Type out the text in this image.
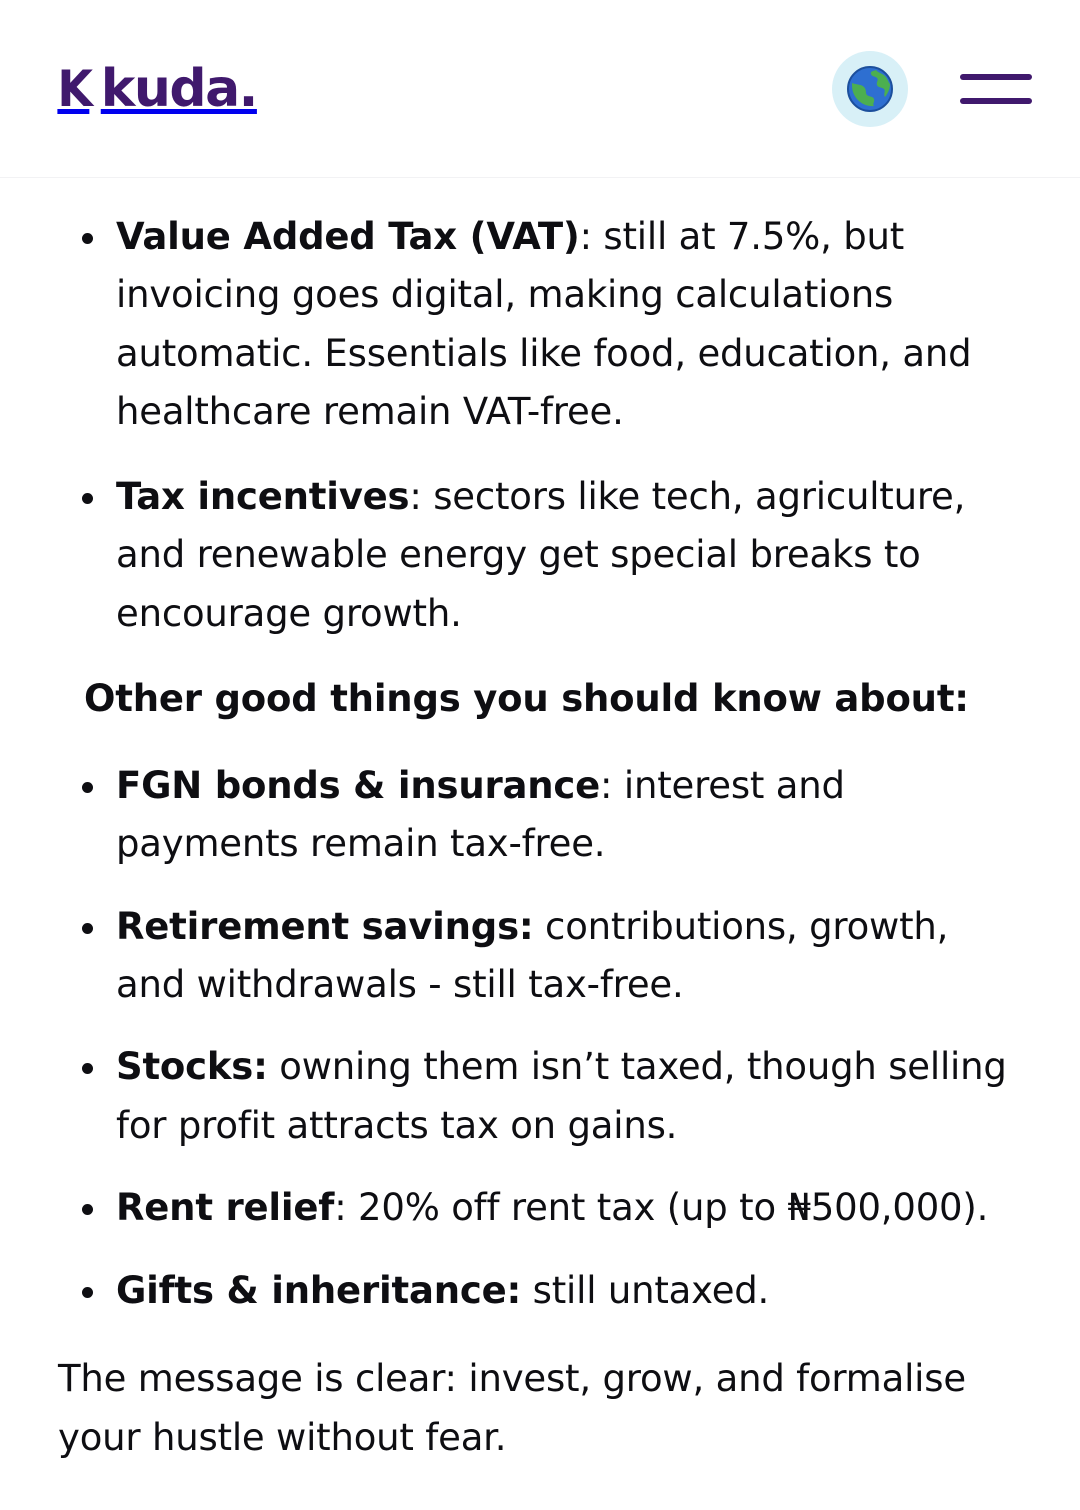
K kuda.
Value Added Tax (VAT): still at 7.5%, but invoicing goes digital, making calculations automatic. Essentials like food, education, and healthcare remain VAT-free.
Tax incentives: sectors like tech, agriculture, and renewable energy get special breaks to encourage growth.
Other good things you should know about:
FGN bonds & insurance: interest and payments remain tax-free.
Retirement savings: contributions, growth, and withdrawals - still tax-free.
Stocks: owning them isn’t taxed, though selling for profit attracts tax on gains.
Rent relief: 20% off rent tax (up to ₦500,000).
Gifts & inheritance: still untaxed.

The message is clear: invest, grow, and formalise your hustle without fear.
